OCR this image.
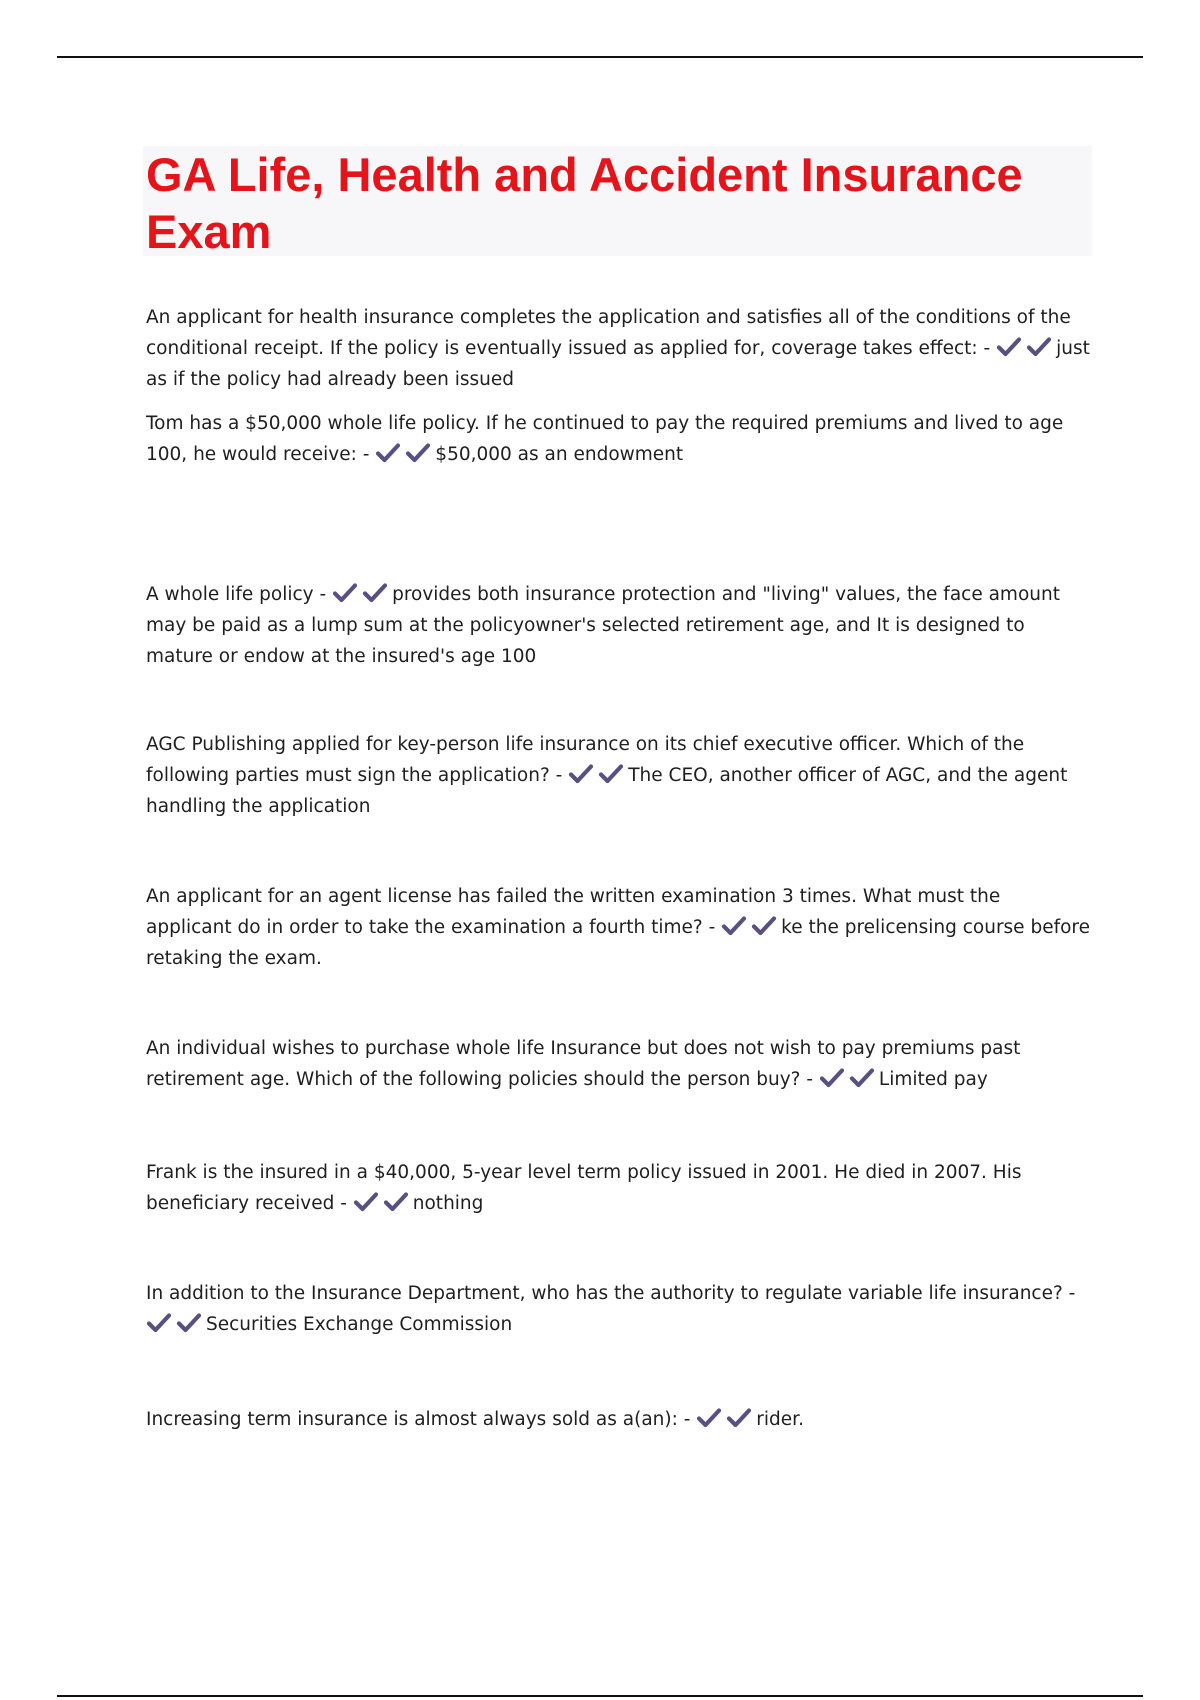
GA Life, Health and Accident Insurance Exam

An applicant for health insurance completes the application and satisfies all of the conditions of the conditional receipt. If the policy is eventually issued as applied for, coverage takes effect: -	just as if the policy had already been issued

Tom has a $50,000 whole life policy. If he continued to pay the required premiums and lived to age 100, he would receive: -	$50,000 as an endowment

A whole life policy -	provides both insurance protection and "living" values, the face amount may be paid as a lump sum at the policyowner's selected retirement age, and It is designed to mature or endow at the insured's age 100

AGC Publishing applied for key-person life insurance on its chief executive officer. Which of the following parties must sign the application? -	The CEO, another officer of AGC, and the agent handling the application

An applicant for an agent license has failed the written examination 3 times. What must the applicant do in order to take the examination a fourth time? -	ke the prelicensing course before retaking the exam.

An individual wishes to purchase whole life Insurance but does not wish to pay premiums past retirement age. Which of the following policies should the person buy? -	Limited pay

Frank is the insured in a $40,000, 5-year level term policy issued in 2001. He died in 2007. His beneficiary received -	nothing

In addition to the Insurance Department, who has the authority to regulate variable life insurance? -
Securities Exchange Commission

Increasing term insurance is almost always sold as a(an): -	rider.
